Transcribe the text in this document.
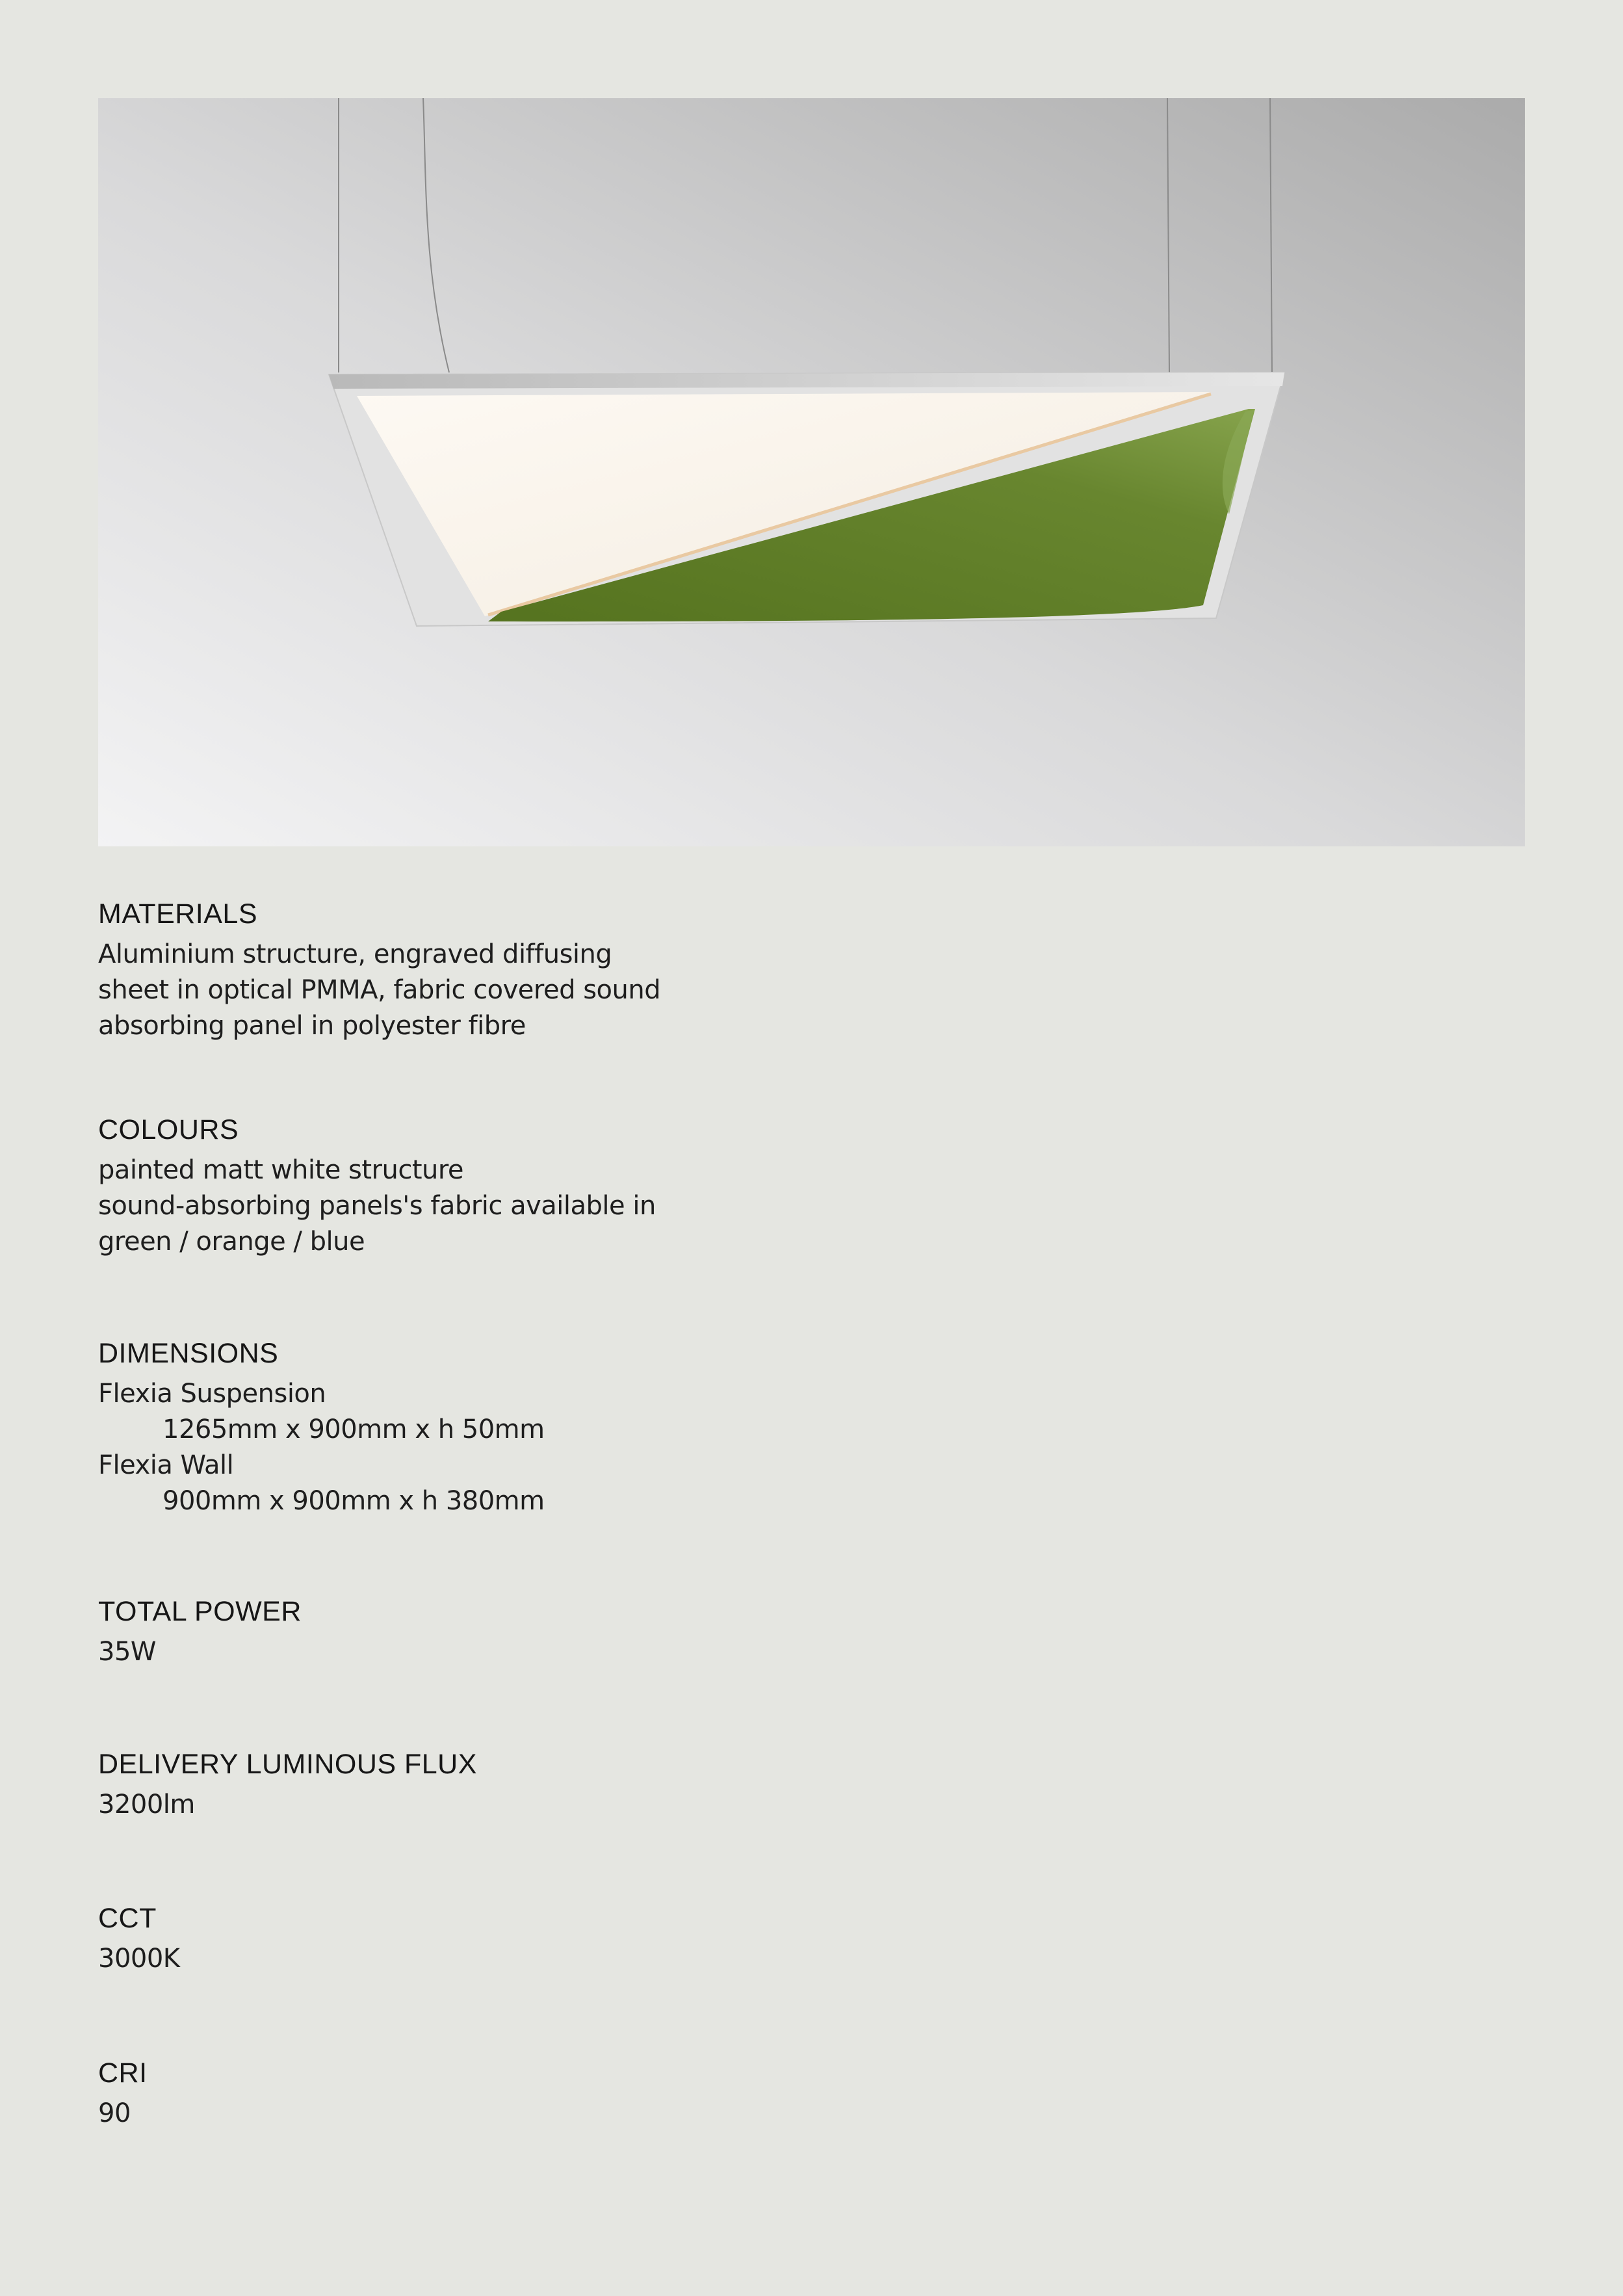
MATERIALS

Aluminium structure, engraved diffusing
sheet in optical PMMA, fabric covered sound
absorbing panel in polyester fibre

COLOURS

painted matt white structure
sound-absorbing panels's fabric available in
green / orange / blue

DIMENSIONS

Flexia Suspension
1265mm x 900mm x h 50mm
Flexia Wall
900mm x 900mm x h 380mm

TOTAL POWER

35W

DELIVERY LUMINOUS FLUX

3200lm

CCT

3000K

CRI

90
